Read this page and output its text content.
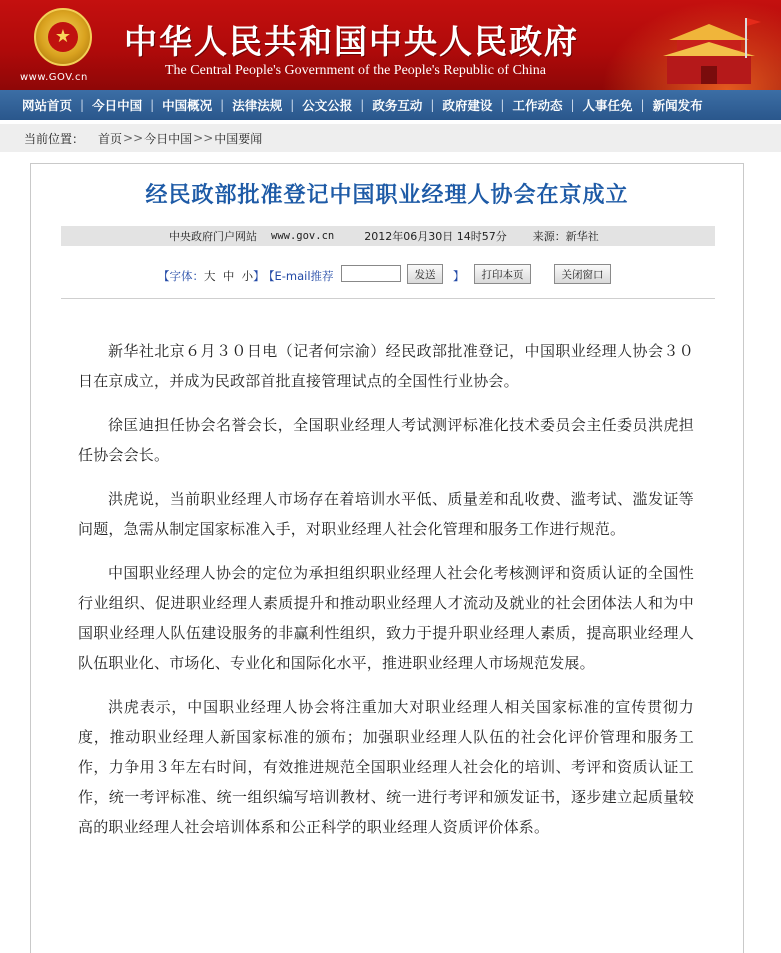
★
www.GOV.cn
中华人民共和国中央人民政府
The Central People's Government of the People's Republic of China
网站首页 | 今日中国 | 中国概况 | 法律法规 | 公文公报 | 政务互动 | 政府建设 | 工作动态 | 人事任免 | 新闻发布
当前位置： 首页 >> 今日中国 >> 中国要闻
经民政部批准登记中国职业经理人协会在京成立
中央政府门户网站 www.gov.cn	2012年06月30日 14时57分 来源：新华社
【字体：大 中 小】
【E-mail推荐	发送	】	打印本页	关闭窗口

新华社北京６月３０日电（记者何宗渝）经民政部批准登记，中国职业经理人协会３０日在京成立，并成为民政部首批直接管理试点的全国性行业协会。

徐匡迪担任协会名誉会长，全国职业经理人考试测评标准化技术委员会主任委员洪虎担任协会会长。

洪虎说，当前职业经理人市场存在着培训水平低、质量差和乱收费、滥考试、滥发证等问题，急需从制定国家标准入手，对职业经理人社会化管理和服务工作进行规范。

中国职业经理人协会的定位为承担组织职业经理人社会化考核测评和资质认证的全国性行业组织、促进职业经理人素质提升和推动职业经理人才流动及就业的社会团体法人和为中国职业经理人队伍建设服务的非赢利性组织，致力于提升职业经理人素质，提高职业经理人队伍职业化、市场化、专业化和国际化水平，推进职业经理人市场规范发展。

洪虎表示，中国职业经理人协会将注重加大对职业经理人相关国家标准的宣传贯彻力度，推动职业经理人新国家标准的颁布；加强职业经理人队伍的社会化评价管理和服务工作，力争用３年左右时间，有效推进规范全国职业经理人社会化的培训、考评和资质认证工作，统一考评标准、统一组织编写培训教材、统一进行考评和颁发证书，逐步建立起质量较高的职业经理人社会培训体系和公正科学的职业经理人资质评价体系。
